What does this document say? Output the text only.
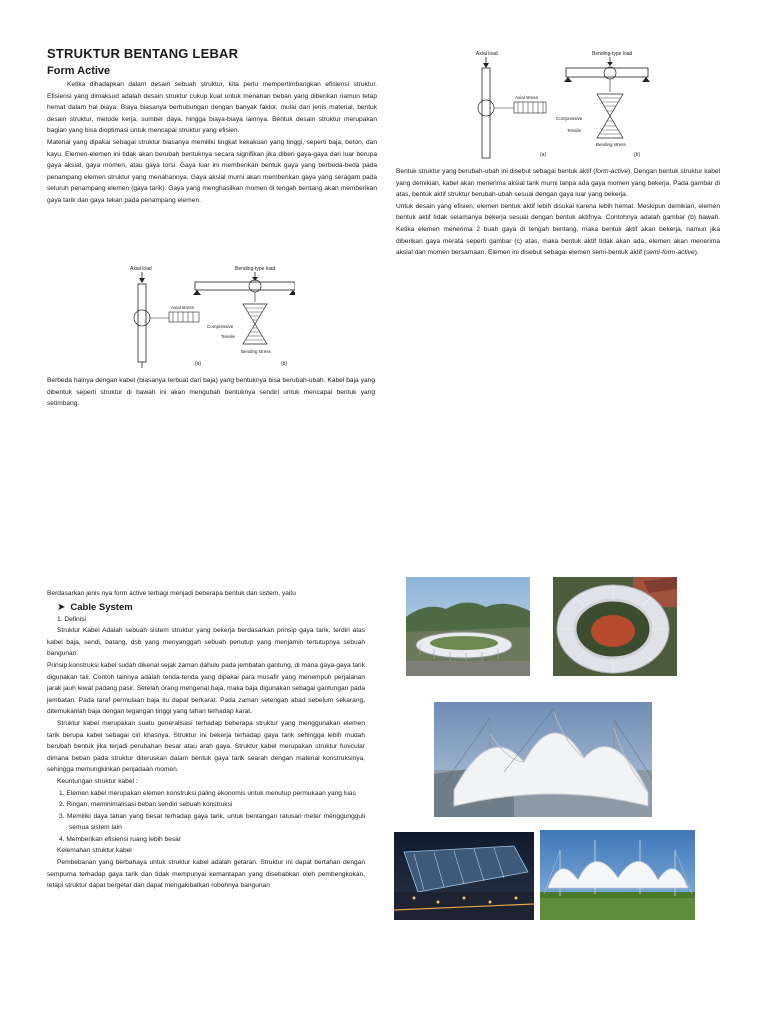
STRUKTUR BENTANG LEBAR
Form Active

Ketika dihadapkan dalam desain sebuah struktur, kita perlu mempertimbangkan efisiensi struktur. Efisiensi yang dimaksud adalah desain struktur cukup kuat untuk menahan beban yang diberikan namun tetap hemat dalam hal biaya. Biaya biasanya berhubungan dengan banyak faktor, mulai dari jenis material, bentuk desain struktur, metode kerja, sumber daya, hingga biaya-biaya lainnya. Bentuk desain struktur merupakan bagian yang bisa dioptimasi untuk mencapai struktur yang efisien.

Material yang dipakai sebagai struktur biasanya memiliki tingkat kekakuan yang tinggi, seperti baja, beton, dan kayu. Elemen-elemen ini tidak akan berubah bentuknya secara signifikan jika diberi gaya-gaya dari luar berupa gaya aksial, gaya momen, atau gaya torsi. Gaya luar ini memberikan bentuk gaya yang berbeda-beda pada penampang elemen struktur yang menahannya. Gaya aksial murni akan memberikan gaya yang seragam pada seluruh penampang elemen (gaya tarik). Gaya yang menghasilkan momen di tengah bentang akan memberikan gaya tarik dan gaya tekan pada penampang elemen.

Axial load
Axial stress
(a)
Bending-type load
Compressive
Tensile
Bending stress
(b)

Berbeda halnya dengan kabel (biasanya terbuat dari baja) yang bentuknya bisa berubah-ubah. Kabel baja yang dibentuk seperti struktur di bawah ini akan mengubah bentuknya sendiri untuk mencapai bentuk yang setimbang.

Axial load
Axial stress
(a)
Bending-type load
Compressive
Tensile
Bending stress
(b)

Bentuk struktur yang berubah-ubah ini disebut sebagai bentuk aktif (form-active). Dengan bentuk struktur kabel yang demikian, kabel akan menerima aksial tarik murni tanpa ada gaya momen yang bekerja. Pada gambar di atas, bentuk aktif struktur berubah-ubah sesuai dengan gaya luar yang bekerja.

Untuk desain yang efisien, elemen bentuk aktif lebih disukai karena lebih hemat. Meskipun demikian, elemen bentuk aktif tidak selamanya bekerja sesuai dengan bentuk aktifnya. Contohnya adalah gambar (b) bawah. Ketika elemen menerima 2 buah gaya di tengah bentang, maka bentuk aktif akan bekerja, namun jika diberikan gaya merata seperti gambar (c) atas, maka bentuk aktif tidak akan ada, elemen akan menerima aksial dan momen bersamaan. Elemen ini disebut sebagai elemen semi-bentuk aktif (semi-form-active).

Berdasarkan jenis nya form active terbagi menjadi beberapa bentuk dan sistem, yaitu

➤ Cable System

1. Definisi

Struktur Kabel Adalah sebuah sistem struktur yang bekerja berdasarkan prinsip gaya tarik, terdiri atas kabel baja, sendi, batang, dsb yang menyanggah sebuah penutup yang menjamin tertutupnya sebuah bangunan.

Prinsip konstruksi kabel sudah dikenal sejak zaman dahulu pada jembatan gantung, di mana gaya-gaya tarik digunakan tali. Contoh lainnya adalah tenda-tenda yang dipakai para musafir yang menempuh perjalanan jarak jauh lewat padang pasir. Setelah orang mengenal baja, maka baja digunakan sebagai gantungan pada jembatan. Pada taraf permulaan baja itu dapat berkarat. Pada zaman setengah abad sebelum sekarang, ditemukanlah baja dengan tegangan tinggi yang tahan terhadap karat.

Struktur kabel merupakan suatu generalisasi terhadap beberapa struktur yang menggunakan elemen tarik berupa kabel sebagai ciri khasnya. Struktur ini bekerja terhadap gaya tarik sehingga lebih mudah berubah bentuk jika terjadi perubahan besar atau arah gaya. Struktur kabel merupakan struktur funicular dimana beban pada struktur diteruskan dalam bentuk gaya tarik searah dengan material konstruksinya, sehingga memungkinkan penjadaan momen.

Keuntungan struktur kabel :

1. Elemen kabel merupakan elemen konstruksi paling ekonomis untuk menutup permukaan yang luas

2. Ringan, meminimalisasi beban sendiri sebuah konstruksi

3. Memiliki daya tahan yang besar terhadap gaya tarik, untuk bentangan ratusan meter menggungguli semua sistem lain

4. Memberikan efisiensi ruang lebih besar

Kelemahan struktur kabel

Pembebanan yang berbahaya untuk struktur kabel adalah getaran. Struktur ini dapat bertahan dengan sempurna terhadap gaya tarik dan tidak mempunyai kemantapan yang disebabkan oleh pembengkokan, tetapi struktur dapat bergetar dan dapat mengakibatkan robohnya bangunan
